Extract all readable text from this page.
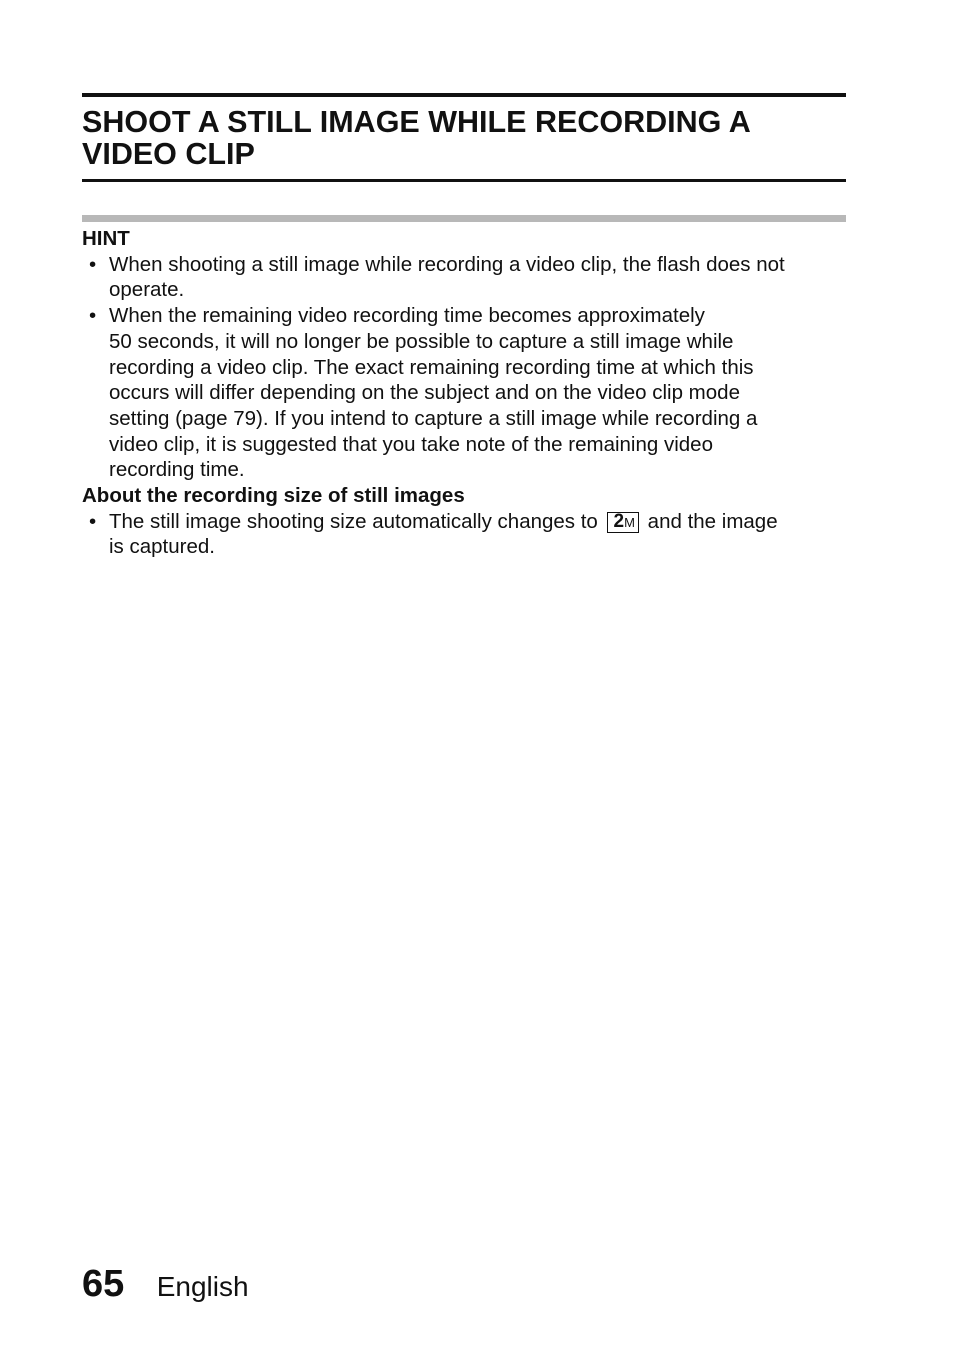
SHOOT A STILL IMAGE WHILE RECORDING A
VIDEO CLIP
HINT
• When shooting a still image while recording a video clip, the flash does not
operate.
• When the remaining video recording time becomes approximately
50 seconds, it will no longer be possible to capture a still image while
recording a video clip. The exact remaining recording time at which this
occurs will differ depending on the subject and on the video clip mode
setting (page 79). If you intend to capture a still image while recording a
video clip, it is suggested that you take note of the remaining video
recording time.
About the recording size of still images
• The still image shooting size automatically changes to 2M and the image
is captured.
65 English
